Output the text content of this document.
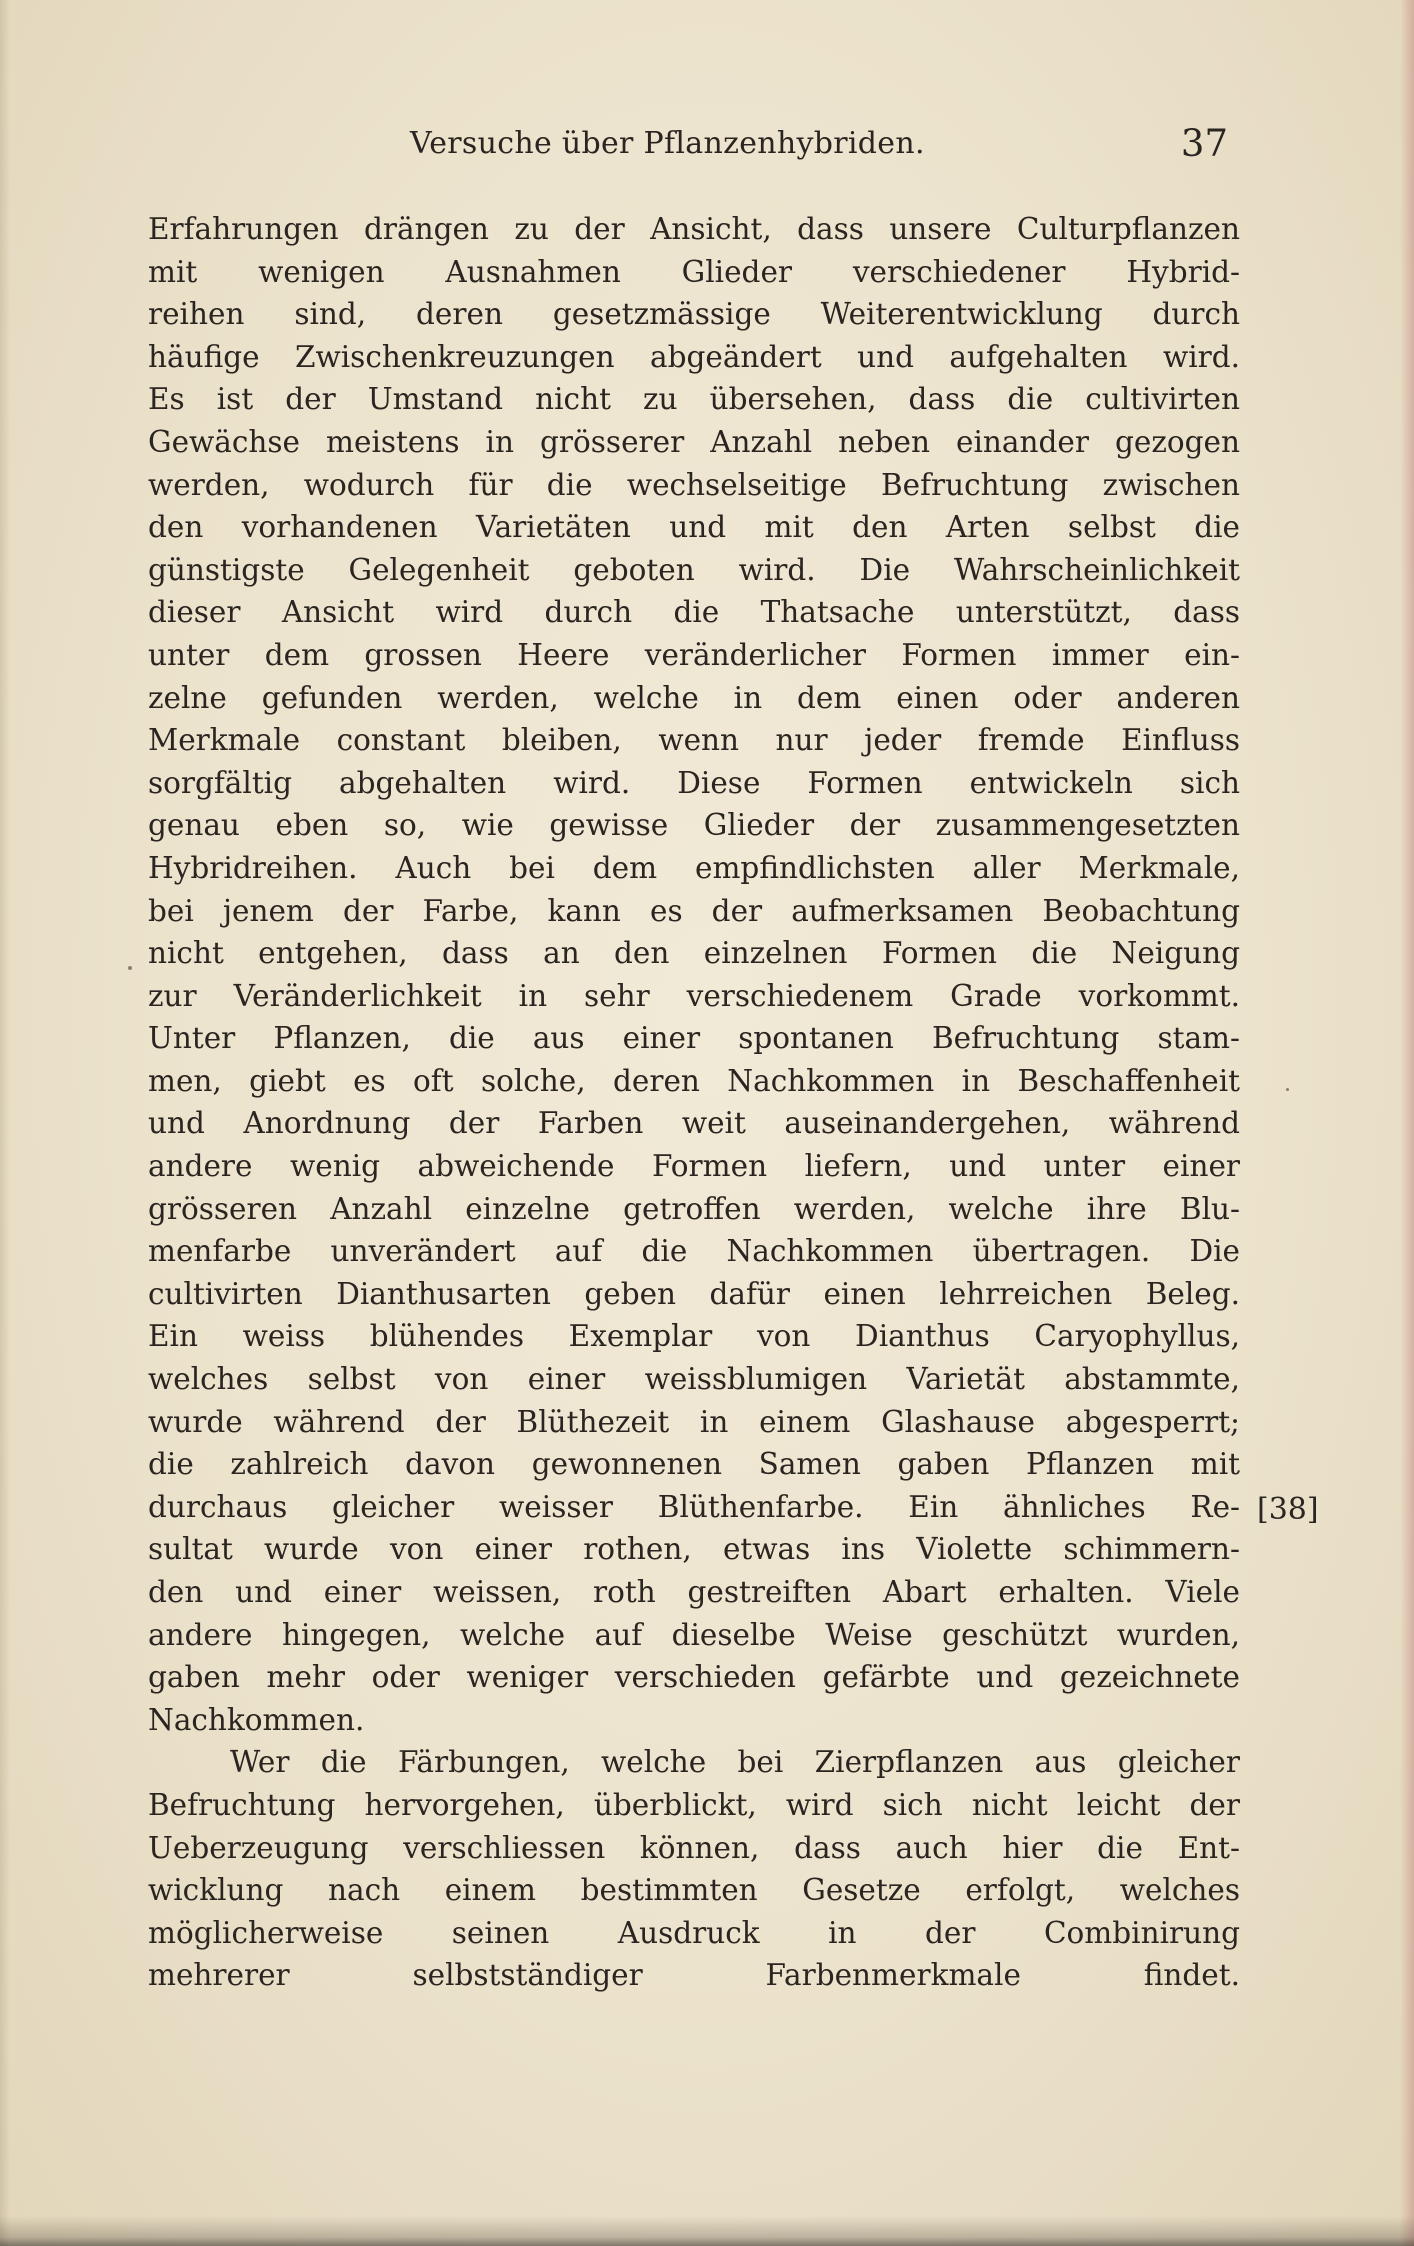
Versuche über Pflanzenhybriden.	37
Erfahrungen drängen zu der Ansicht, dass unsere Culturpflanzen
mit wenigen Ausnahmen Glieder verschiedener Hybrid-
reihen sind, deren gesetzmässige Weiterentwicklung durch
häufige Zwischenkreuzungen abgeändert und aufgehalten wird.
Es ist der Umstand nicht zu übersehen, dass die cultivirten
Gewächse meistens in grösserer Anzahl neben einander gezogen
werden, wodurch für die wechselseitige Befruchtung zwischen
den vorhandenen Varietäten und mit den Arten selbst die
günstigste Gelegenheit geboten wird. Die Wahrscheinlichkeit
dieser Ansicht wird durch die Thatsache unterstützt, dass
unter dem grossen Heere veränderlicher Formen immer ein-
zelne gefunden werden, welche in dem einen oder anderen
Merkmale constant bleiben, wenn nur jeder fremde Einfluss
sorgfältig abgehalten wird. Diese Formen entwickeln sich
genau eben so, wie gewisse Glieder der zusammengesetzten
Hybridreihen. Auch bei dem empfindlichsten aller Merkmale,
bei jenem der Farbe, kann es der aufmerksamen Beobachtung
nicht entgehen, dass an den einzelnen Formen die Neigung
zur Veränderlichkeit in sehr verschiedenem Grade vorkommt.
Unter Pflanzen, die aus einer spontanen Befruchtung stam-
men, giebt es oft solche, deren Nachkommen in Beschaffenheit
und Anordnung der Farben weit auseinandergehen, während
andere wenig abweichende Formen liefern, und unter einer
grösseren Anzahl einzelne getroffen werden, welche ihre Blu-
menfarbe unverändert auf die Nachkommen übertragen. Die
cultivirten Dianthusarten geben dafür einen lehrreichen Beleg.
Ein weiss blühendes Exemplar von Dianthus Caryophyllus,
welches selbst von einer weissblumigen Varietät abstammte,
wurde während der Blüthezeit in einem Glashause abgesperrt;
die zahlreich davon gewonnenen Samen gaben Pflanzen mit
durchaus gleicher weisser Blüthenfarbe. Ein ähnliches Re-
sultat wurde von einer rothen, etwas ins Violette schimmern-
den und einer weissen, roth gestreiften Abart erhalten. Viele
andere hingegen, welche auf dieselbe Weise geschützt wurden,
gaben mehr oder weniger verschieden gefärbte und gezeichnete
Nachkommen.
Wer die Färbungen, welche bei Zierpflanzen aus gleicher
Befruchtung hervorgehen, überblickt, wird sich nicht leicht der
Ueberzeugung verschliessen können, dass auch hier die Ent-
wicklung nach einem bestimmten Gesetze erfolgt, welches
möglicherweise seinen Ausdruck in der Combinirung
mehrerer selbstständiger Farbenmerkmale findet.
[38]
